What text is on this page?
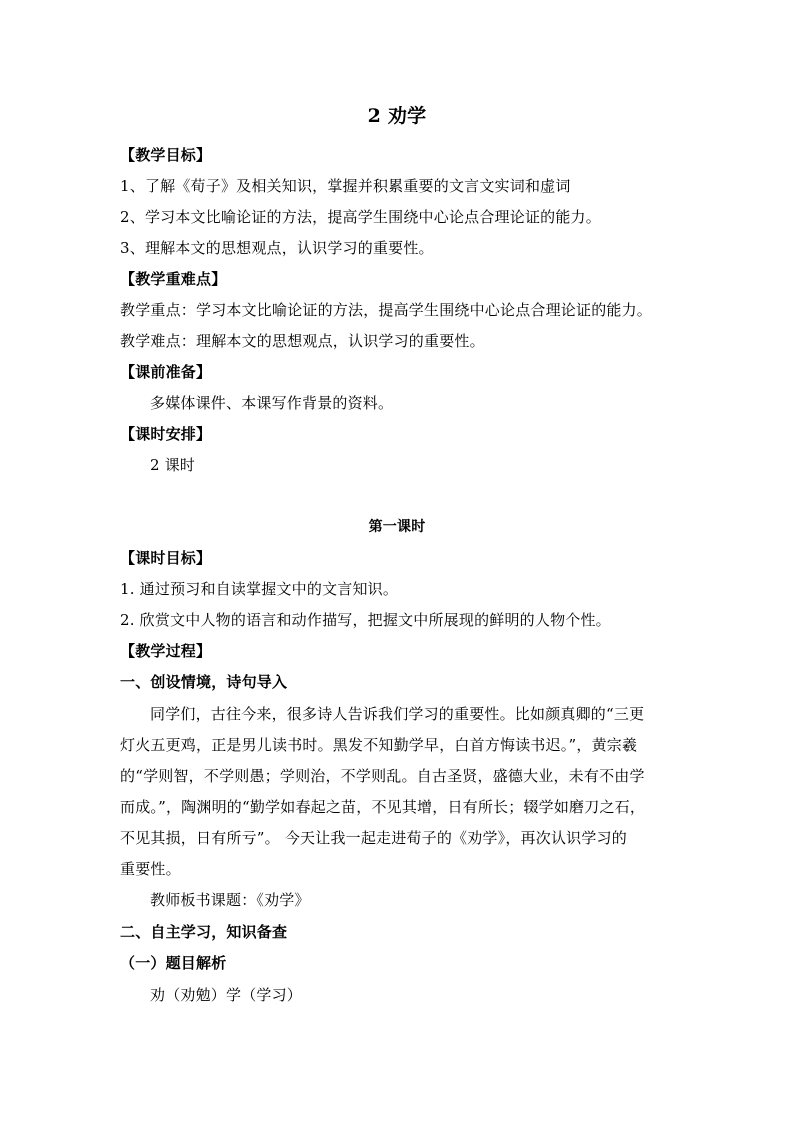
2 劝学
【教学目标】
1、了解《荀子》及相关知识，掌握并积累重要的文言文实词和虚词
2、学习本文比喻论证的方法，提高学生围绕中心论点合理论证的能力。
3、理解本文的思想观点，认识学习的重要性。
【教学重难点】
教学重点：学习本文比喻论证的方法，提高学生围绕中心论点合理论证的能力。
教学难点：理解本文的思想观点，认识学习的重要性。
【课前准备】
多媒体课件、本课写作背景的资料。
【课时安排】
2 课时
第一课时
【课时目标】
1. 通过预习和自读掌握文中的文言知识。
2. 欣赏文中人物的语言和动作描写，把握文中所展现的鲜明的人物个性。
【教学过程】
一、创设情境，诗句导入
同学们，古往今来，很多诗人告诉我们学习的重要性。比如颜真卿的“三更
灯火五更鸡，正是男儿读书时。黑发不知勤学早，白首方悔读书迟。”，黄宗羲
的“学则智，不学则愚；学则治，不学则乱。自古圣贤，盛德大业，未有不由学
而成。”，陶渊明的“勤学如春起之苗，不见其增，日有所长；辍学如磨刀之石，
不见其损，日有所亏”。 今天让我一起走进荀子的《劝学》，再次认识学习的
重要性。
教师板书课题：《劝学》
二、自主学习，知识备查
（一）题目解析
劝（劝勉）学（学习）
